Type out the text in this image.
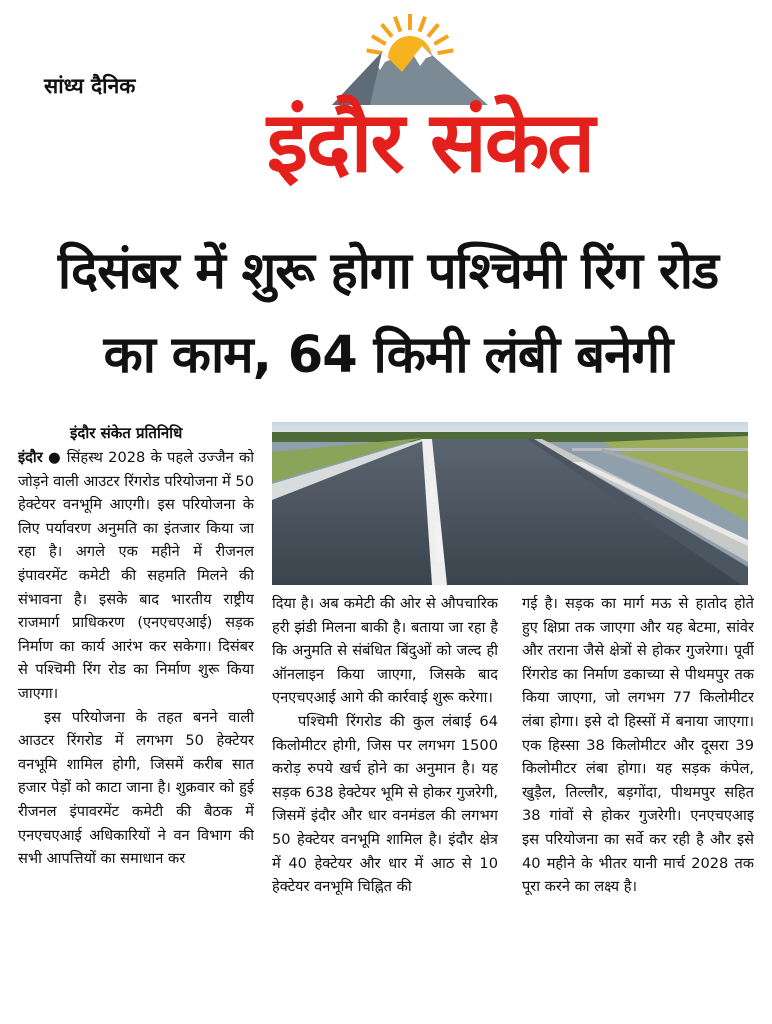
सांध्य दैनिक
इंदौर संकेत
दिसंबर में शुरू होगा पश्चिमी रिंग रोड
का काम, 64 किमी लंबी बनेगी
इंदौर संकेत प्रतिनिधि

इंदौर ● सिंहस्थ 2028 के पहले उज्जैन को जोड़ने वाली आउटर रिंगरोड परियोजना में 50 हेक्टेयर वनभूमि आएगी। इस परियोजना के लिए पर्यावरण अनुमति का इंतजार किया जा रहा है। अगले एक महीने में रीजनल इंपावरमेंट कमेटी की सहमति मिलने की संभावना है। इसके बाद भारतीय राष्ट्रीय राजमार्ग प्राधिकरण (एनएचएआई) सड़क निर्माण का कार्य आरंभ कर सकेगा। दिसंबर से पश्चिमी रिंग रोड का निर्माण शुरू किया जाएगा।

इस परियोजना के तहत बनने वाली आउटर रिंगरोड में लगभग 50 हेक्टेयर वनभूमि शामिल होगी, जिसमें करीब सात हजार पेड़ों को काटा जाना है। शुक्रवार को हुई रीजनल इंपावरमेंट कमेटी की बैठक में एनएचएआई अधिकारियों ने वन विभाग की सभी आपत्तियों का समाधान कर

दिया है। अब कमेटी की ओर से औपचारिक हरी झंडी मिलना बाकी है। बताया जा रहा है कि अनुमति से संबंधित बिंदुओं को जल्द ही ऑनलाइन किया जाएगा, जिसके बाद एनएचएआई आगे की कार्रवाई शुरू करेगा।

पश्चिमी रिंगरोड की कुल लंबाई 64 किलोमीटर होगी, जिस पर लगभग 1500 करोड़ रुपये खर्च होने का अनुमान है। यह सड़क 638 हेक्टेयर भूमि से होकर गुजरेगी, जिसमें इंदौर और धार वनमंडल की लगभग 50 हेक्टेयर वनभूमि शामिल है। इंदौर क्षेत्र में 40 हेक्टेयर और धार में आठ से 10 हेक्टेयर वनभूमि चिह्नित की

गई है। सड़क का मार्ग मऊ से हातोद होते हुए क्षिप्रा तक जाएगा और यह बेटमा, सांवेर और तराना जैसे क्षेत्रों से होकर गुजरेगा। पूर्वी रिंगरोड का निर्माण डकाच्या से पीथमपुर तक किया जाएगा, जो लगभग 77 किलोमीटर लंबा होगा। इसे दो हिस्सों में बनाया जाएगा। एक हिस्सा 38 किलोमीटर और दूसरा 39 किलोमीटर लंबा होगा। यह सड़क कंपेल, खुड़ैल, तिल्लौर, बड़गोंदा, पीथमपुर सहित 38 गांवों से होकर गुजरेगी। एनएचएआइ इस परियोजना का सर्वे कर रही है और इसे 40 महीने के भीतर यानी मार्च 2028 तक पूरा करने का लक्ष्य है।
